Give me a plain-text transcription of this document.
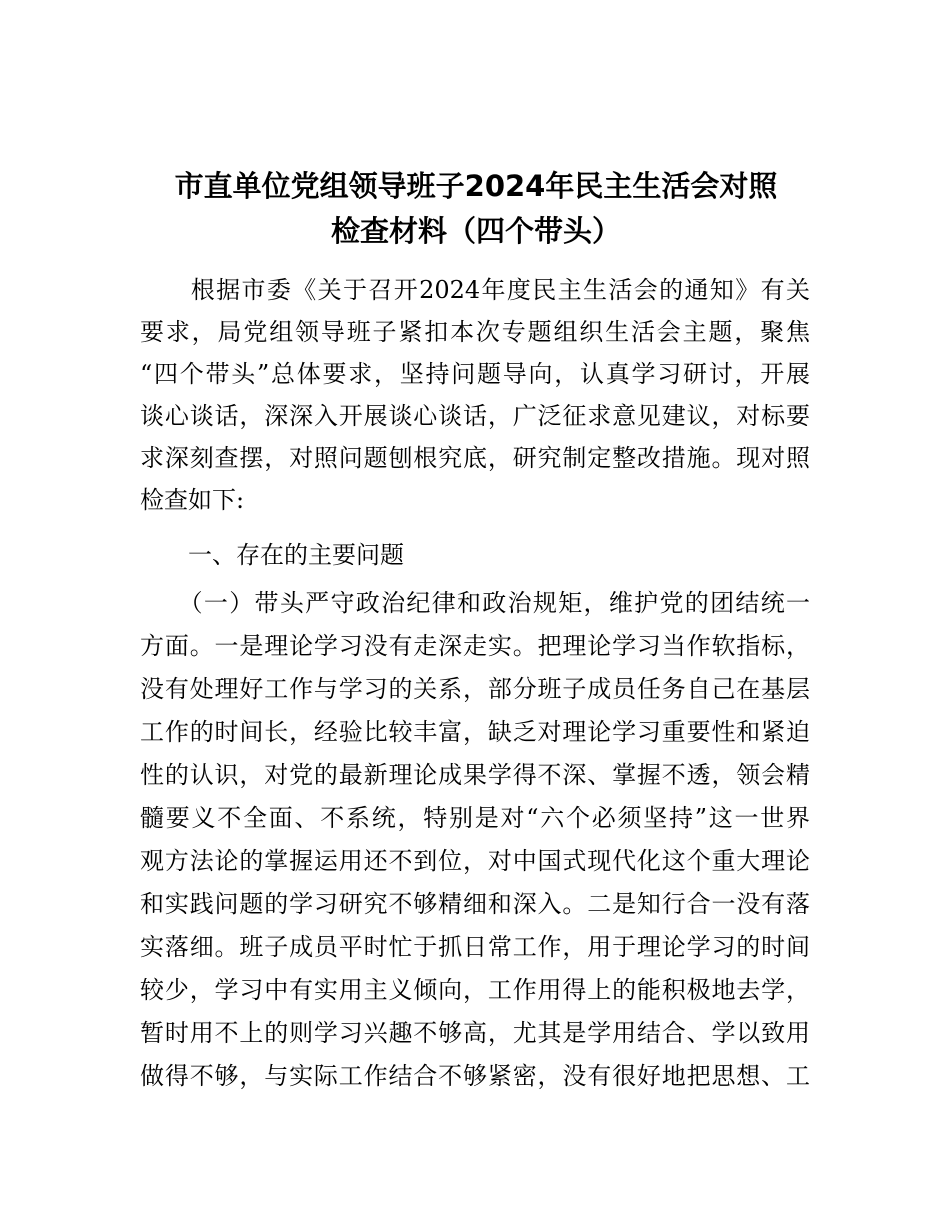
市直单位党组领导班子2024年民主生活会对照
检查材料（四个带头）
　　根据市委《关于召开2024年度民主生活会的通知》有关
要求，局党组领导班子紧扣本次专题组织生活会主题，聚焦
“四个带头”总体要求，坚持问题导向，认真学习研讨，开展
谈心谈话，深深入开展谈心谈话，广泛征求意见建议，对标要
求深刻查摆，对照问题刨根究底，研究制定整改措施。现对照
检查如下:
　　一、存在的主要问题
　　（一）带头严守政治纪律和政治规矩，维护党的团结统一
方面。一是理论学习没有走深走实。把理论学习当作软指标，
没有处理好工作与学习的关系，部分班子成员任务自己在基层
工作的时间长，经验比较丰富，缺乏对理论学习重要性和紧迫
性的认识，对党的最新理论成果学得不深、掌握不透，领会精
髓要义不全面、不系统，特别是对“六个必须坚持”这一世界
观方法论的掌握运用还不到位，对中国式现代化这个重大理论
和实践问题的学习研究不够精细和深入。二是知行合一没有落
实落细。班子成员平时忙于抓日常工作，用于理论学习的时间
较少，学习中有实用主义倾向，工作用得上的能积极地去学，
暂时用不上的则学习兴趣不够高，尤其是学用结合、学以致用
做得不够，与实际工作结合不够紧密，没有很好地把思想、工
